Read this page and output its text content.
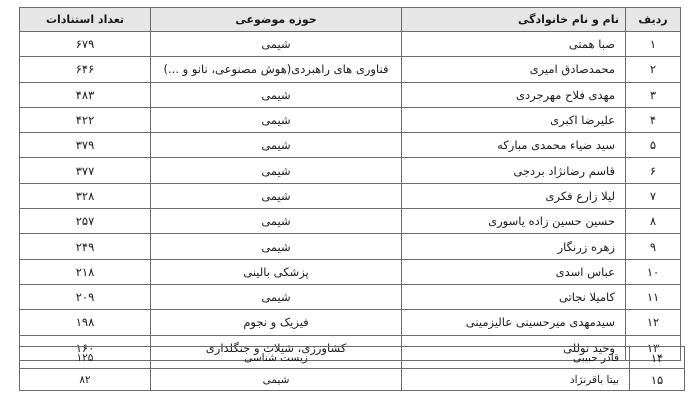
ردیف	نام و نام خانوادگی	حوزه موضوعی	تعداد استنادات
۱	صبا همتی	شیمی	۶۷۹
۲	محمدصادق امیری	فناوری های راهبردی(هوش مصنوعی، نانو و ...)	۶۴۶
۳	مهدی فلاح مهرجردی	شیمی	۴۸۳
۴	علیرضا اکبری	شیمی	۴۲۲
۵	سید ضیاء محمدی مبارکه	شیمی	۳۷۹
۶	قاسم رضانژاد بردجی	شیمی	۳۷۷
۷	لیلا زارع فکری	شیمی	۳۲۸
۸	حسین حسین زاده یاسوری	شیمی	۲۵۷
۹	زهره زرنگار	شیمی	۲۴۹
۱۰	عباس اسدی	پزشکی بالینی	۲۱۸
۱۱	کامیلا نجاتی	شیمی	۲۰۹
۱۲	سیدمهدی میرحسینی عالیزمینی	فیزیک و نجوم	۱۹۸
۱۳	وحید توللی	کشاورزی، شیلات و جنگلداری	۱۶۰
۱۴	قادر حبیبی	زیست شناسی	۱۲۵
۱۵	بیتا باقرنژاد	شیمی	۸۲
